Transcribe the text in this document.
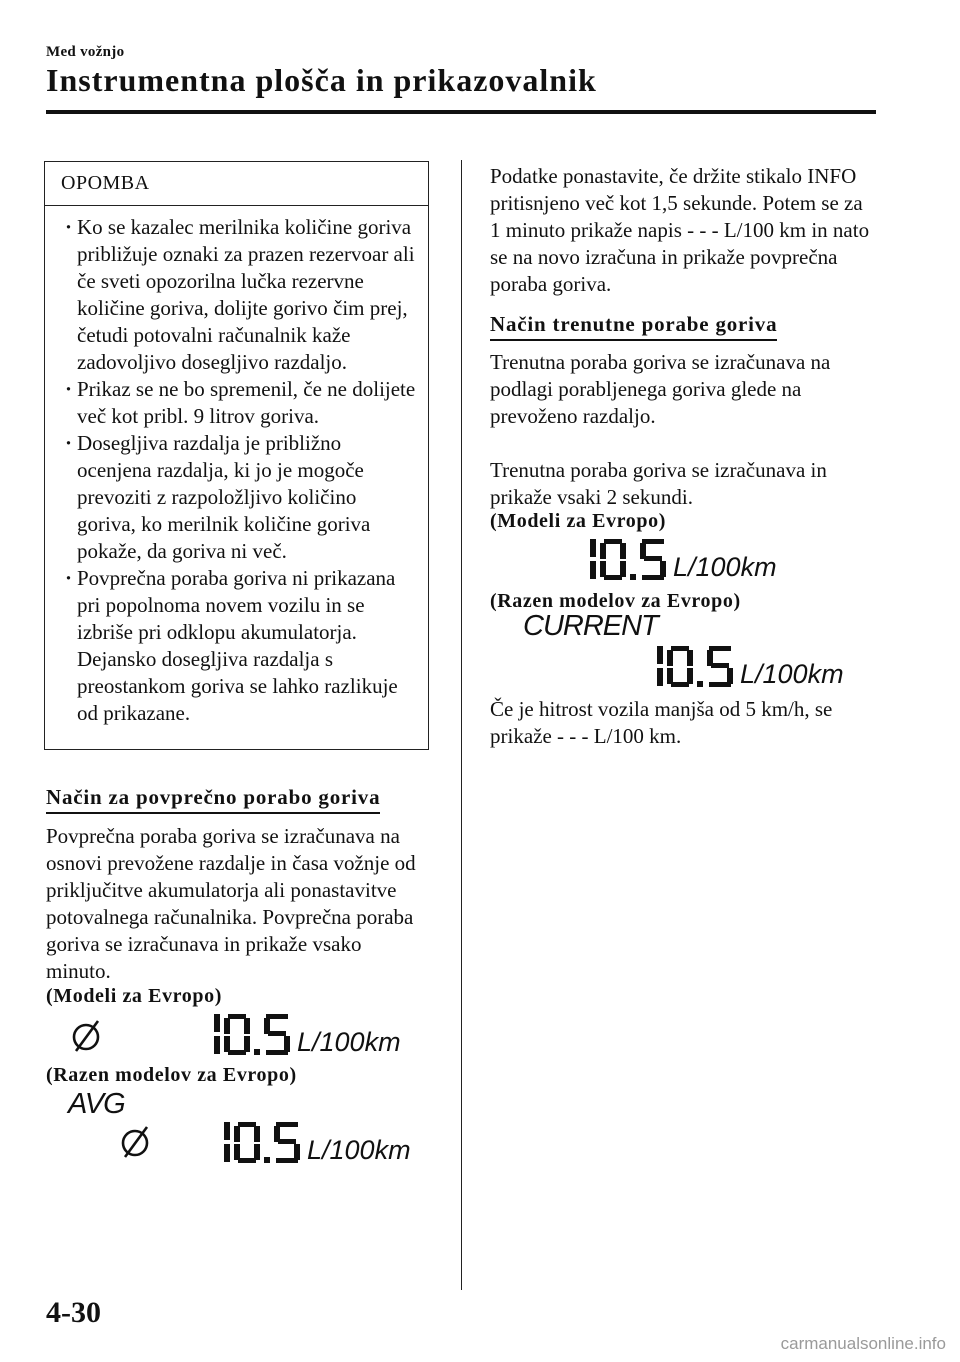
Med vožnjo
Instrumentna plošča in prikazovalnik
OPOMBA
· Ko se kazalec merilnika količine goriva približuje oznaki za prazen rezervoar ali če sveti opozorilna lučka rezervne količine goriva, dolijte gorivo čim prej, četudi potovalni računalnik kaže zadovoljivo dosegljivo razdaljo.
· Prikaz se ne bo spremenil, če ne dolijete več kot pribl. 9 litrov goriva.
· Dosegljiva razdalja je približno ocenjena razdalja, ki jo je mogoče prevoziti z razpoložljivo količino goriva, ko merilnik količine goriva pokaže, da goriva ni več.
· Povprečna poraba goriva ni prikazana pri popolnoma novem vozilu in se izbriše pri odklopu akumulatorja. Dejansko dosegljiva razdalja s preostankom goriva se lahko razlikuje od prikazane.
Način za povprečno porabo goriva

Povprečna poraba goriva se izračunava na osnovi prevožene razdalje in časa vožnje od priključitve akumulatorja ali ponastavitve potovalnega računalnika. Povprečna poraba goriva se izračunava in prikaže vsako minuto.

(Modeli za Evropo)
L/100km
(Razen modelov za Evropo)
AVG
L/100km

Podatke ponastavite, če držite stikalo INFO pritisnjeno več kot 1,5 sekunde. Potem se za 1 minuto prikaže napis - - - L/100 km in nato se na novo izračuna in prikaže povprečna poraba goriva.

Način trenutne porabe goriva

Trenutna poraba goriva se izračunava na podlagi porabljenega goriva glede na prevoženo razdaljo.

Trenutna poraba goriva se izračunava in prikaže vsaki 2 sekundi.

(Modeli za Evropo)
L/100km
(Razen modelov za Evropo)
CURRENT
L/100km

Če je hitrost vozila manjša od 5 km/h, se prikaže - - - L/100 km.

4-30
carmanualsonline.info
